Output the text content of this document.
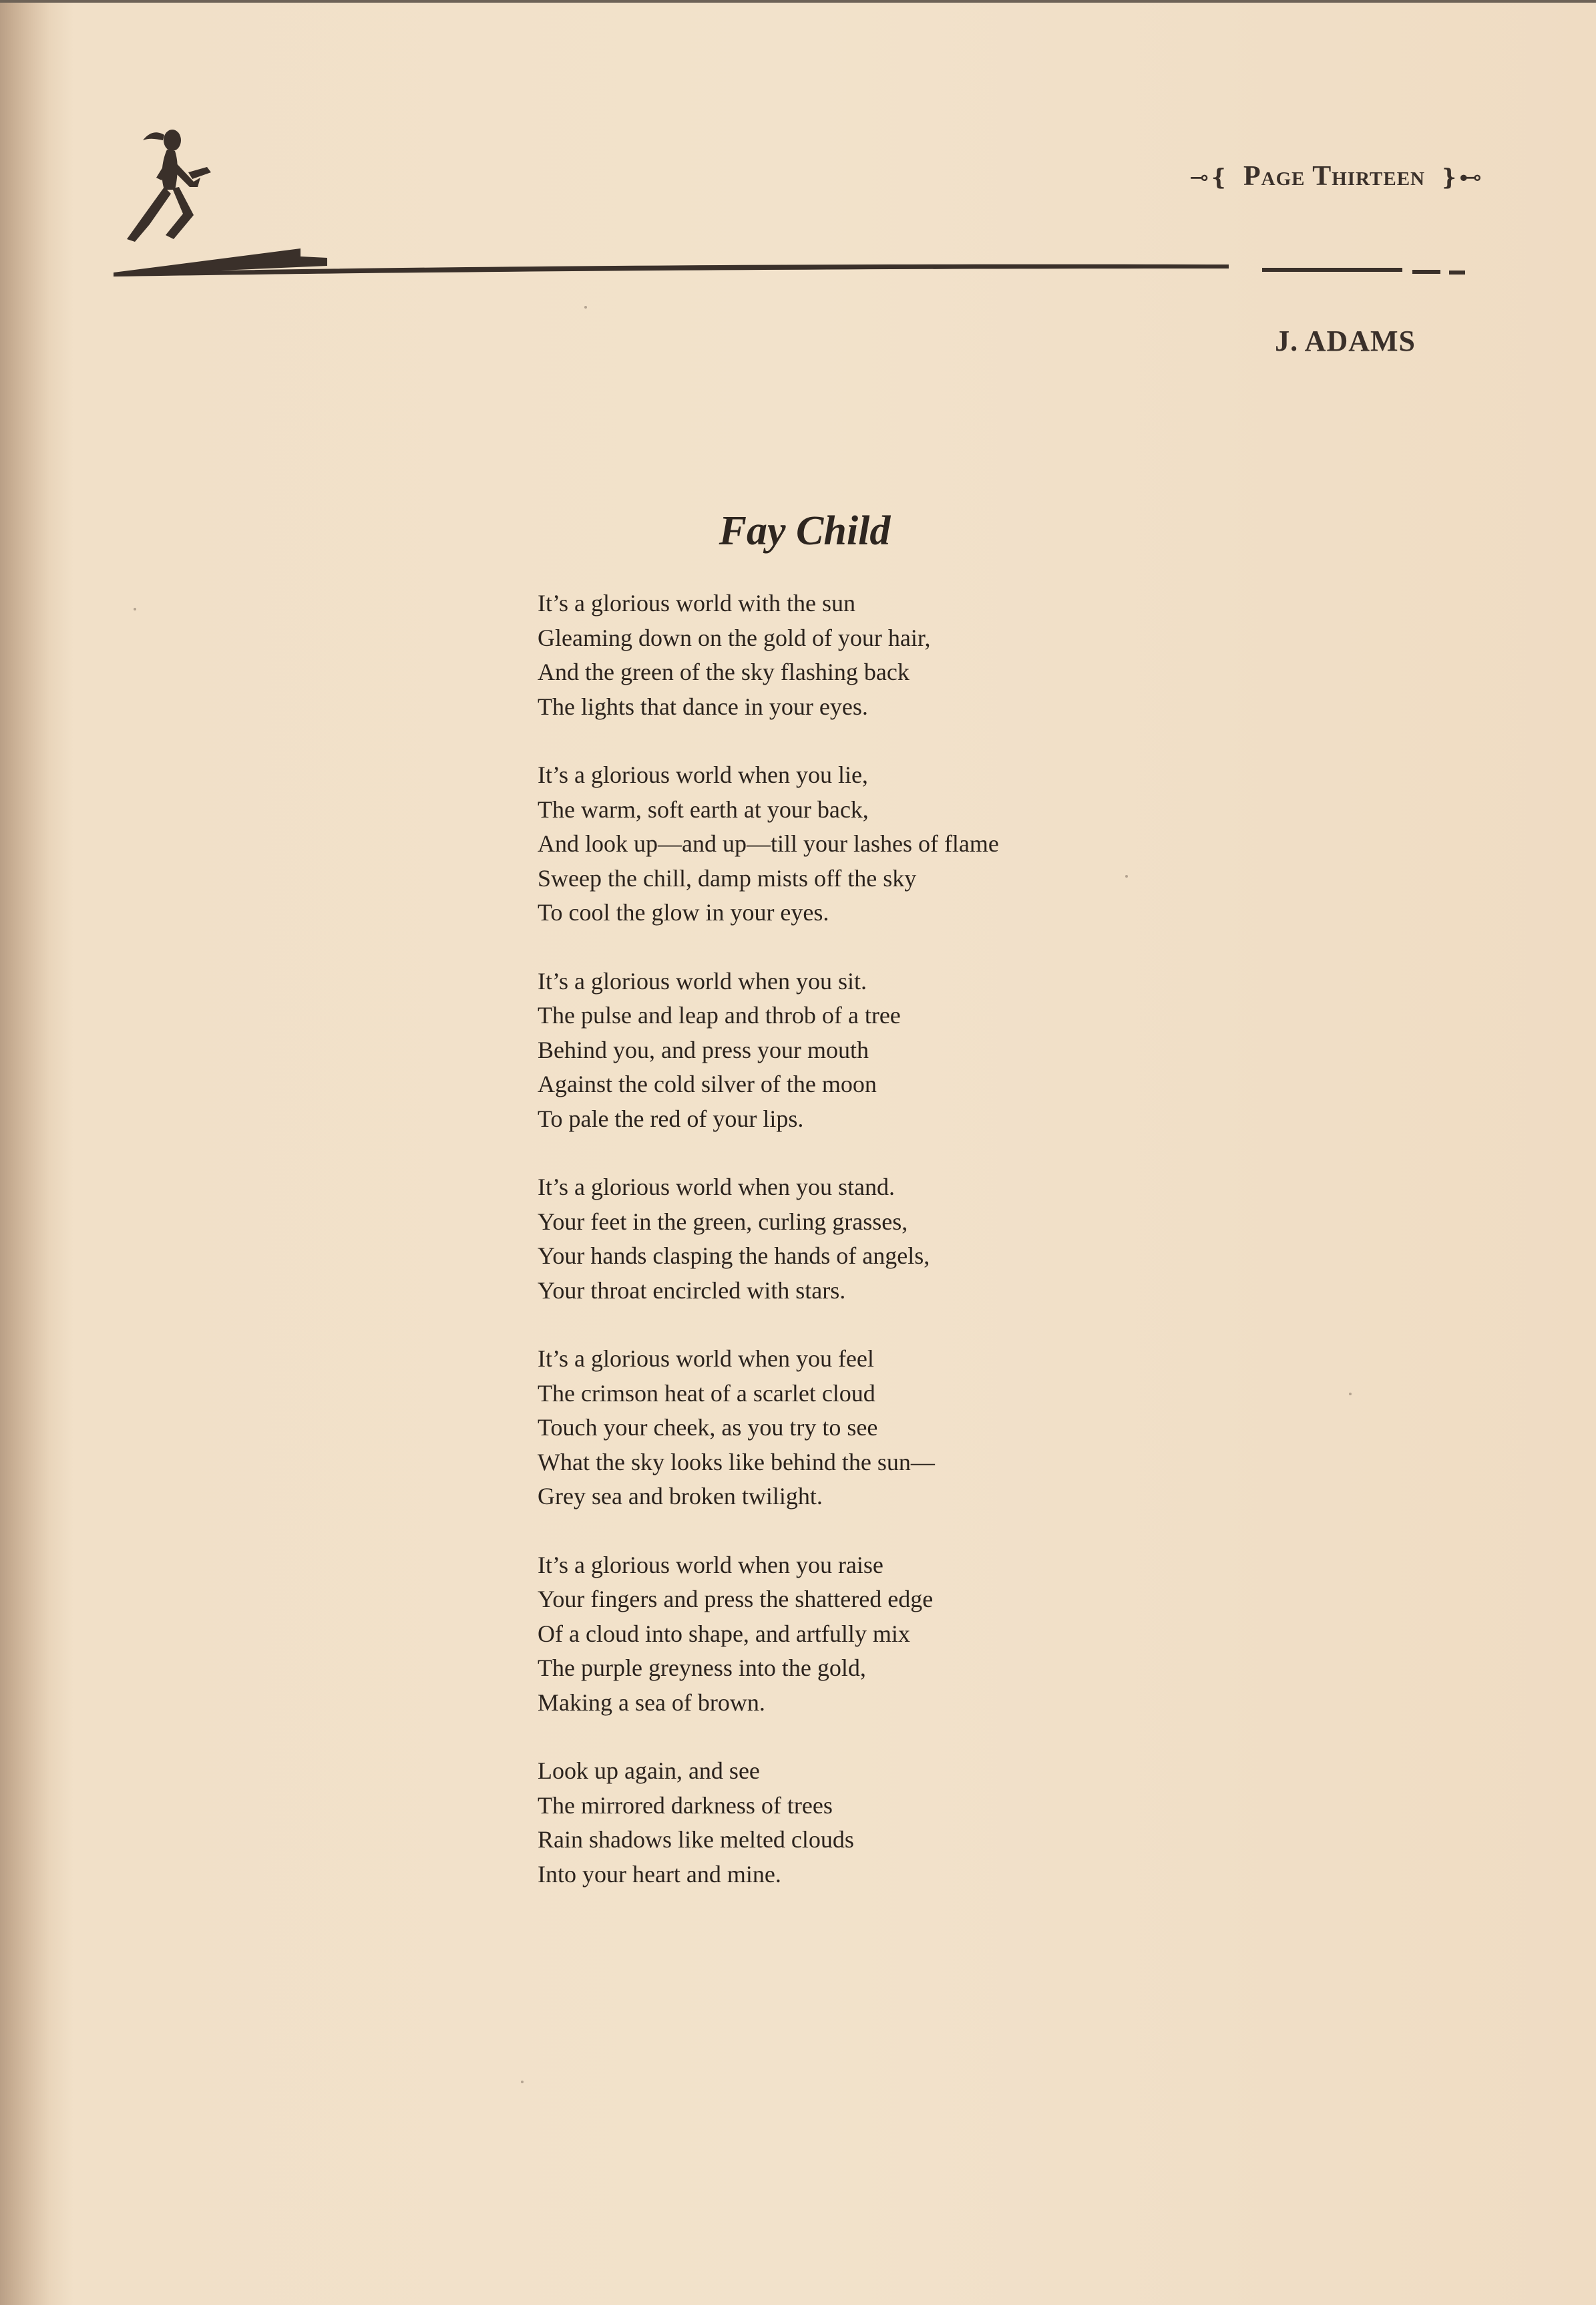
⊸❴ Page Thirteen ❵⊷
J. ADAMS
Fay Child
It’s a glorious world with the sun
Gleaming down on the gold of your hair,
And the green of the sky flashing back
The lights that dance in your eyes.
It’s a glorious world when you lie,
The warm, soft earth at your back,
And look up—and up—till your lashes of flame
Sweep the chill, damp mists off the sky
To cool the glow in your eyes.
It’s a glorious world when you sit.
The pulse and leap and throb of a tree
Behind you, and press your mouth
Against the cold silver of the moon
To pale the red of your lips.
It’s a glorious world when you stand.
Your feet in the green, curling grasses,
Your hands clasping the hands of angels,
Your throat encircled with stars.
It’s a glorious world when you feel
The crimson heat of a scarlet cloud
Touch your cheek, as you try to see
What the sky looks like behind the sun—
Grey sea and broken twilight.
It’s a glorious world when you raise
Your fingers and press the shattered edge
Of a cloud into shape, and artfully mix
The purple greyness into the gold,
Making a sea of brown.
Look up again, and see
The mirrored darkness of trees
Rain shadows like melted clouds
Into your heart and mine.
